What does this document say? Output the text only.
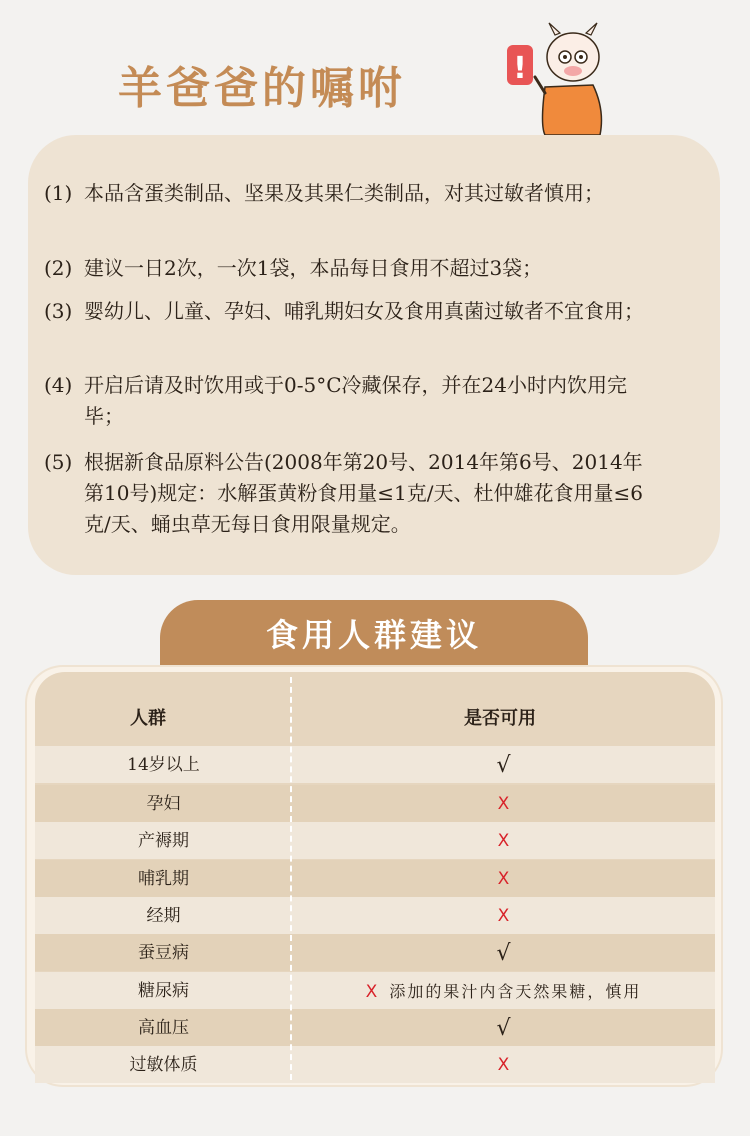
羊爸爸的嘱咐	!
(1) 本品含蛋类制品、坚果及其果仁类制品，对其过敏者慎用；
(2) 建议一日2次，一次1袋，本品每日食用不超过3袋；
(3) 婴幼儿、儿童、孕妇、哺乳期妇女及食用真菌过敏者不宜食用；
(4) 开启后请及时饮用或于0-5°C冷藏保存，并在24小时内饮用完毕；
(5) 根据新食品原料公告(2008年第20号、2014年第6号、2014年第10号)规定：水解蛋黄粉食用量≤1克/天、杜仲雄花食用量≤6克/天、蛹虫草无每日食用限量规定。
食用人群建议
人群	是否可用
14岁以上	√
孕妇	X
产褥期	X
哺乳期	X
经期	X
蚕豆病	√
糖尿病	X 添加的果汁内含天然果糖，慎用
高血压	√
过敏体质	X
